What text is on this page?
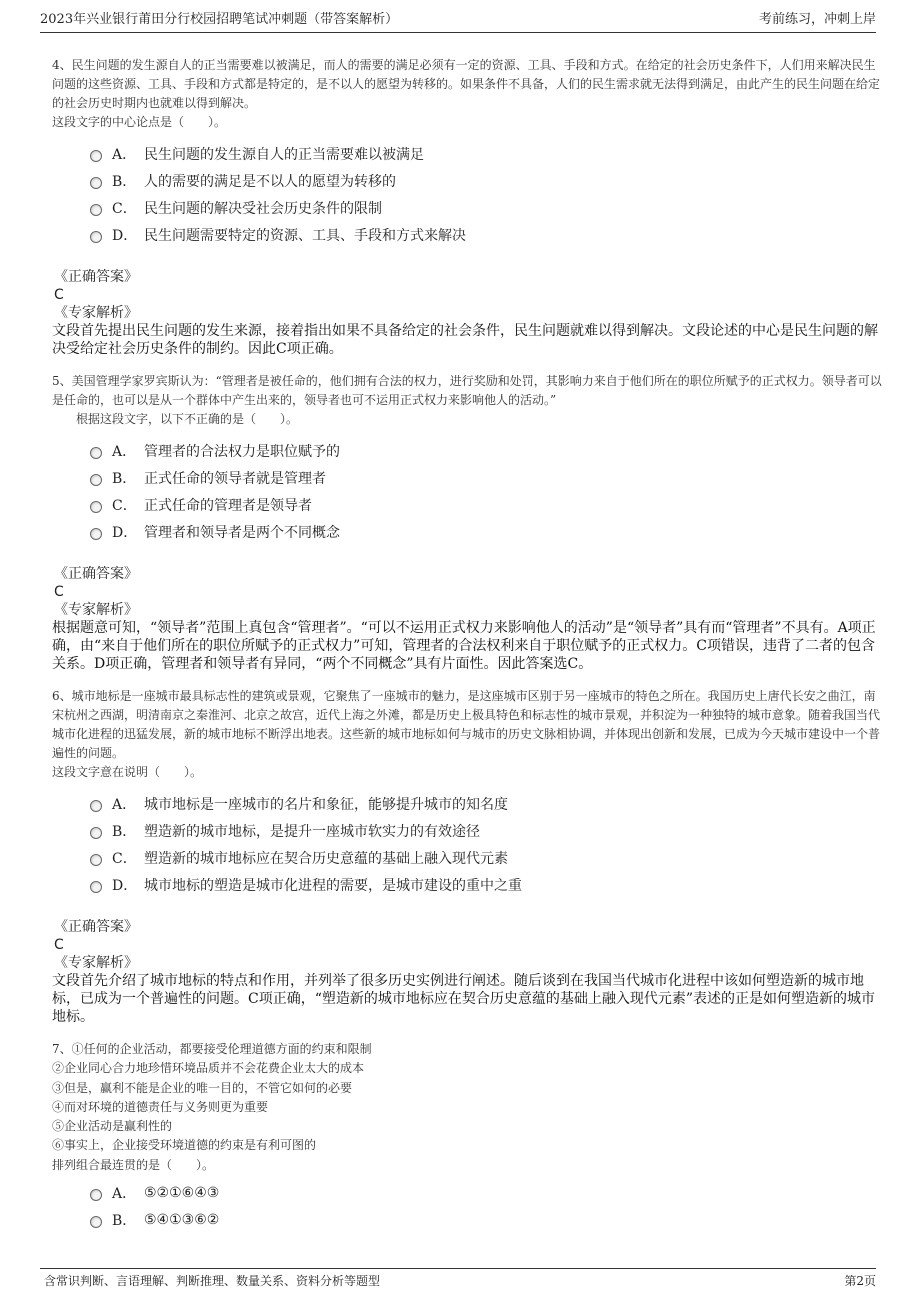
2023年兴业银行莆田分行校园招聘笔试冲刺题（带答案解析）	考前练习，冲刺上岸

4、民生问题的发生源自人的正当需要难以被满足，而人的需要的满足必须有一定的资源、工具、手段和方式。在给定的社会历史条件下，人们用来解决民生问题的这些资源、工具、手段和方式都是特定的，是不以人的愿望为转移的。如果条件不具备，人们的民生需求就无法得到满足，由此产生的民生问题在给定的社会历史时期内也就难以得到解决。

这段文字的中心论点是（　　）。

A． 民生问题的发生源自人的正当需要难以被满足
B． 人的需要的满足是不以人的愿望为转移的
C． 民生问题的解决受社会历史条件的限制
D． 民生问题需要特定的资源、工具、手段和方式来解决
《正确答案》
C
《专家解析》

文段首先提出民生问题的发生来源，接着指出如果不具备给定的社会条件，民生问题就难以得到解决。文段论述的中心是民生问题的解决受给定社会历史条件的制约。因此C项正确。

5、美国管理学家罗宾斯认为：“管理者是被任命的，他们拥有合法的权力，进行奖励和处罚，其影响力来自于他们所在的职位所赋予的正式权力。领导者可以是任命的，也可以是从一个群体中产生出来的，领导者也可不运用正式权力来影响他人的活动。”

根据这段文字，以下不正确的是（　　）。

A． 管理者的合法权力是职位赋予的
B． 正式任命的领导者就是管理者
C． 正式任命的管理者是领导者
D． 管理者和领导者是两个不同概念
《正确答案》
C
《专家解析》

根据题意可知，“领导者”范围上真包含“管理者”。“可以不运用正式权力来影响他人的活动”是“领导者”具有而“管理者”不具有。A项正确，由“来自于他们所在的职位所赋予的正式权力”可知，管理者的合法权利来自于职位赋予的正式权力。C项错误，违背了二者的包含关系。D项正确，管理者和领导者有异同，“两个不同概念”具有片面性。因此答案选C。

6、城市地标是一座城市最具标志性的建筑或景观，它聚焦了一座城市的魅力，是这座城市区别于另一座城市的特色之所在。我国历史上唐代长安之曲江，南宋杭州之西湖，明清南京之秦淮河、北京之故宫，近代上海之外滩，都是历史上极具特色和标志性的城市景观，并积淀为一种独特的城市意象。随着我国当代城市化进程的迅猛发展，新的城市地标不断浮出地表。这些新的城市地标如何与城市的历史文脉相协调，并体现出创新和发展，已成为今天城市建设中一个普遍性的问题。

这段文字意在说明（　　）。

A． 城市地标是一座城市的名片和象征，能够提升城市的知名度
B． 塑造新的城市地标，是提升一座城市软实力的有效途径
C． 塑造新的城市地标应在契合历史意蕴的基础上融入现代元素
D． 城市地标的塑造是城市化进程的需要，是城市建设的重中之重
《正确答案》
C
《专家解析》

文段首先介绍了城市地标的特点和作用，并列举了很多历史实例进行阐述。随后谈到在我国当代城市化进程中该如何塑造新的城市地标，已成为一个普遍性的问题。C项正确，“塑造新的城市地标应在契合历史意蕴的基础上融入现代元素”表述的正是如何塑造新的城市地标。

7、①任何的企业活动，都要接受伦理道德方面的约束和限制

②企业同心合力地珍惜环境品质并不会花费企业太大的成本

③但是，赢利不能是企业的唯一目的，不管它如何的必要

④而对环境的道德责任与义务则更为重要

⑤企业活动是赢利性的

⑥事实上，企业接受环境道德的约束是有利可图的

排列组合最连贯的是（　　）。

A． ⑤②①⑥④③
B． ⑤④①③⑥②
含常识判断、言语理解、判断推理、数量关系、资料分析等题型	第2页
